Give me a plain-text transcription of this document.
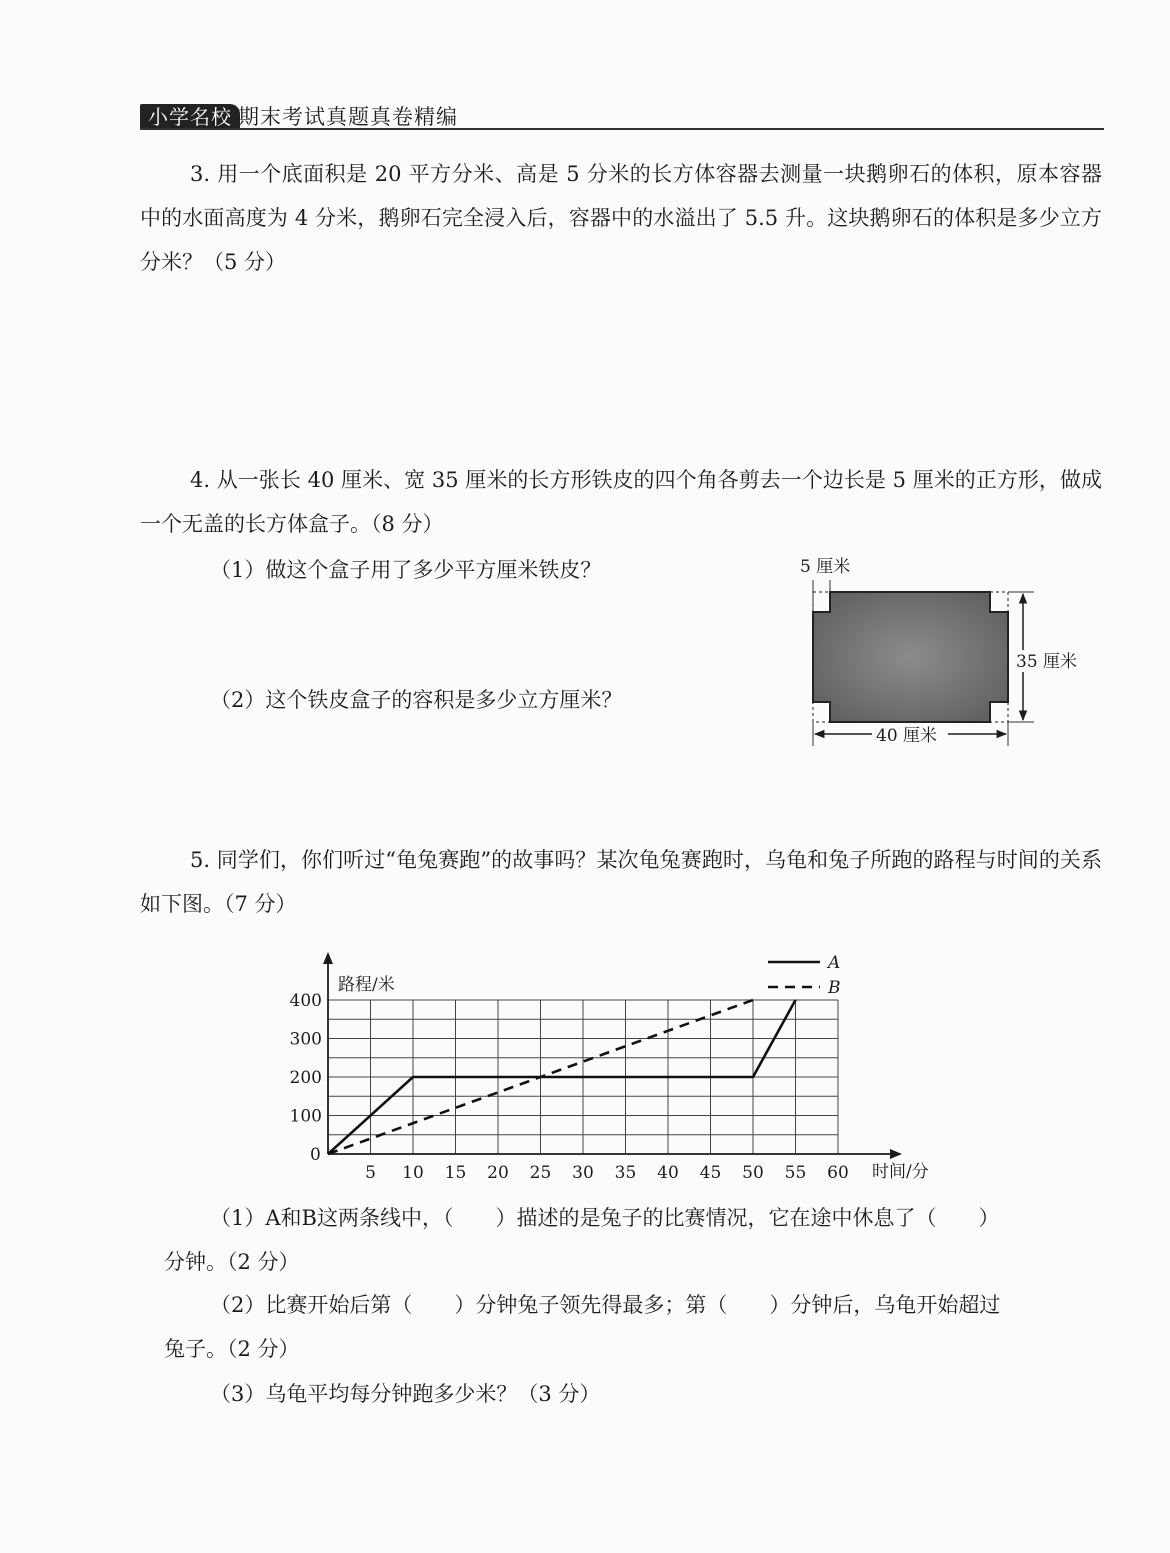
小学名校 期末考试真题真卷精编

3. 用一个底面积是 20 平方分米、高是 5 分米的长方体容器去测量一块鹅卵石的体积，原本容器中的水面高度为 4 分米，鹅卵石完全浸入后，容器中的水溢出了 5.5 升。这块鹅卵石的体积是多少立方分米？（5 分）

4. 从一张长 40 厘米、宽 35 厘米的长方形铁皮的四个角各剪去一个边长是 5 厘米的正方形，做成一个无盖的长方体盒子。（8 分）

（1）做这个盒子用了多少平方厘米铁皮？

（2）这个铁皮盒子的容积是多少立方厘米？

5 厘米
35 厘米
40 厘米

5. 同学们，你们听过“龟兔赛跑”的故事吗？某次龟兔赛跑时，乌龟和兔子所跑的路程与时间的关系如下图。（7 分）

5 10 15 20 25 30 35 40 45 50 55 60
100
200
300
400
A
B
路程/米
时间/分
0

（1）A和B这两条线中，（　　）描述的是兔子的比赛情况，它在途中休息了（　　）

分钟。（2 分）

（2）比赛开始后第（　　）分钟兔子领先得最多；第（　　）分钟后，乌龟开始超过

兔子。（2 分）

（3）乌龟平均每分钟跑多少米？（3 分）
